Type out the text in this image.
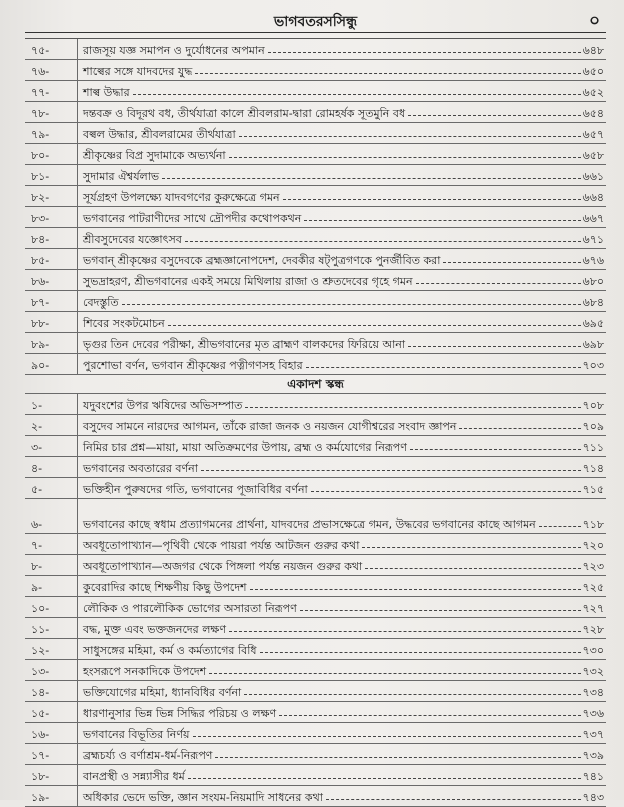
ভাগবতরসসিন্ধু	০
৭৫-	রাজসূয় যজ্ঞ সমাপন ও দুর্যোধনের অপমান	৬৪৮
৭৬-	শাল্বের সঙ্গে যাদবদের যুদ্ধ	৬৫০
৭৭-	শাল্ব উদ্ধার	৬৫২
৭৮-	দন্তবক্র ও বিদূরথ বধ, তীর্থযাত্রা কালে শ্রীবলরাম-দ্বারা রোমহর্ষক সূতমুনি বধ	৬৫৪
৭৯-	বল্বল উদ্ধার, শ্রীবলরামের তীর্থযাত্রা	৬৫৭
৮০-	শ্রীকৃষ্ণের বিপ্র সুদামাকে অভ্যর্থনা	৬৫৮
৮১-	সুদামার ঐশ্বর্যলাভ	৬৬১
৮২-	সূর্যগ্রহণ উপলক্ষ্যে যাদবগণের কুরুক্ষেত্রে গমন	৬৬৪
৮৩-	ভগবানের পাটরাণীদের সাথে দ্রৌপদীর কথোপকথন	৬৬৭
৮৪-	শ্রীবসুদেবের যজ্ঞোৎসব	৬৭১
৮৫-	ভগবান্ শ্রীকৃষ্ণের বসুদেবকে ব্রহ্মজ্ঞানোপদেশ, দেবকীর ষট্পুত্রগণকে পুনর্জীবিত করা	৬৭৬
৮৬-	সুভদ্রাহরণ, শ্রীভগবানের একই সময়ে মিথিলায় রাজা ও শ্রুতদেবের গৃহে গমন	৬৮০
৮৭-	বেদস্তুতি	৬৮৪
৮৮-	শিবের সংকটমোচন	৬৯৫
৮৯-	ভৃগুর তিন দেবের পরীক্ষা, শ্রীভগবানের মৃত ব্রাহ্মণ বালকদের ফিরিয়ে আনা	৬৯৮
৯০-	পুরশোভা বর্ণন, ভগবান শ্রীকৃষ্ণের পত্নীগণসহ বিহার	৭০৩
একাদশ স্কন্ধ
১-	যদুবংশের উপর ঋষিদের অভিসম্পাত	৭০৮
২-	বসুদেব সামনে নারদের আগমন, তাঁকে রাজা জনক ও নয়জন যোগীশ্বরের সংবাদ জ্ঞাপন	৭০৯
৩-	নিমির চার প্রশ্ন—মায়া, মায়া অতিক্রমণের উপায়, ব্রহ্ম ও কর্মযোগের নিরূপণ	৭১১
৪-	ভগবানের অবতারের বর্ণনা	৭১৪
৫-	ভক্তিহীন পুরুষদের গতি, ভগবানের পূজাবিধির বর্ণনা	৭১৫
৬-	ভগবানের কাছে স্বধাম প্রত্যাগমনের প্রার্থনা, যাদবদের প্রভাসক্ষেত্রে গমন, উদ্ধবের ভগবানের কাছে আগমন	৭১৮
৭-	অবধূতোপাখ্যান—পৃথিবী থেকে পায়রা পর্যন্ত আটজন গুরুর কথা	৭২০
৮-	অবধূতোপাখ্যান—অজগর থেকে পিঙ্গলা পর্যন্ত নয়জন গুরুর কথা	৭২৩
৯-	কুবেরাদির কাছে শিক্ষণীয় কিছু উপদেশ	৭২৫
১০-	লৌকিক ও পারলৌকিক ভোগের অসারতা নিরূপণ	৭২৭
১১-	বদ্ধ, মুক্ত এবং ভক্তজনদের লক্ষণ	৭২৮
১২-	সাধুসঙ্গের মহিমা, কর্ম ও কর্মত্যাগের বিধি	৭৩০
১৩-	হংসরূপে সনকাদিকে উপদেশ	৭৩২
১৪-	ভক্তিযোগের মহিমা, ধ্যানবিধির বর্ণনা	৭৩৪
১৫-	ধারণানুসার ভিন্ন ভিন্ন সিদ্ধির পরিচয় ও লক্ষণ	৭৩৬
১৬-	ভগবানের বিভূতির নির্ণয়	৭৩৭
১৭-	ব্রহ্মচর্য্য ও বর্ণাশ্রম-ধর্ম-নিরূপণ	৭৩৯
১৮-	বানপ্রস্থী ও সন্ন্যাসীর ধর্ম	৭৪১
১৯-	অধিকার ভেদে ভক্তি, জ্ঞান সংযম-নিয়মাদি সাধনের কথা	৭৪৩
